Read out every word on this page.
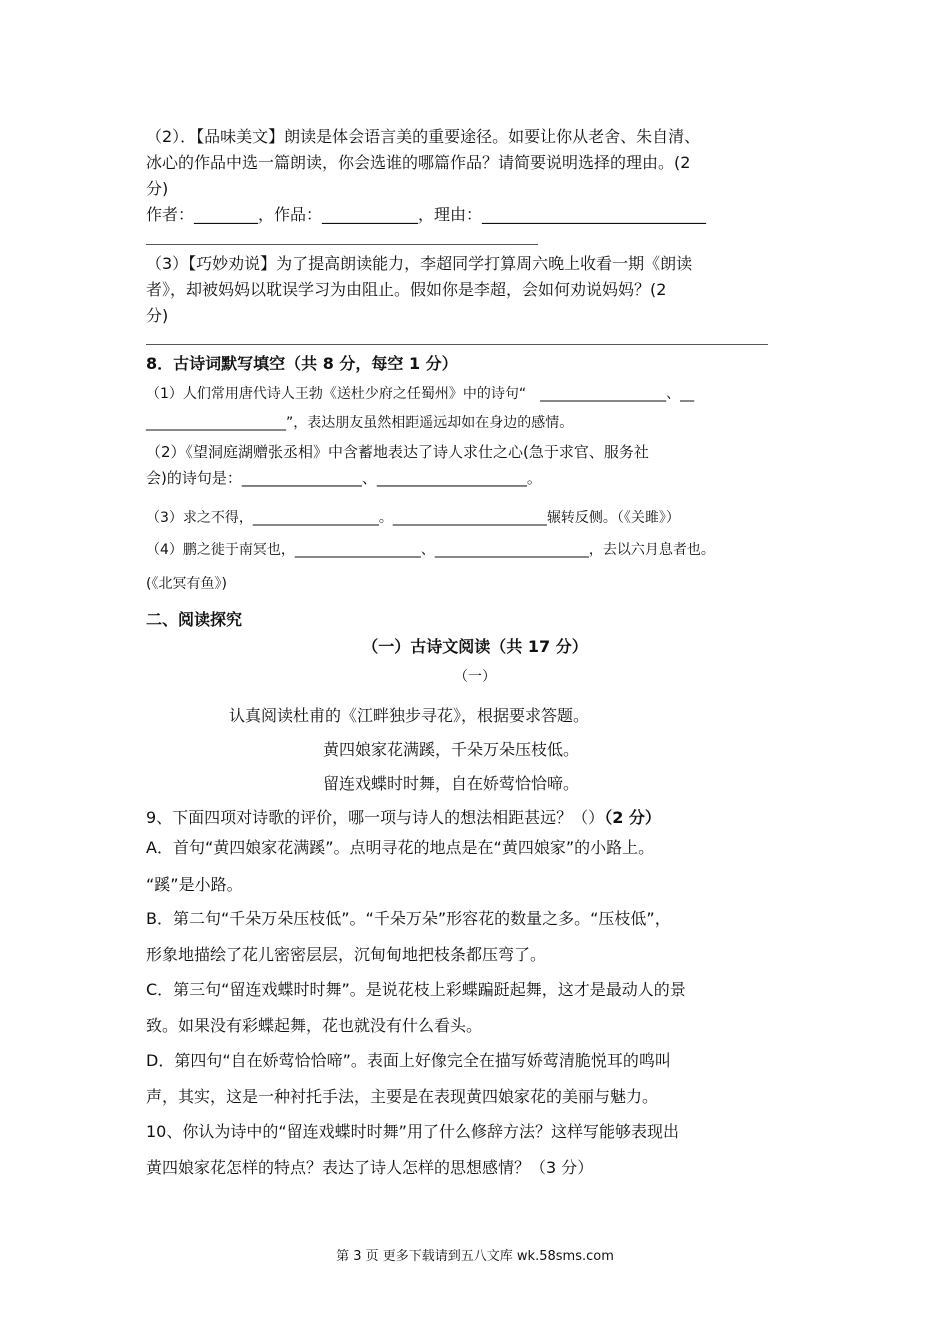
（2）．【品味美文】朗读是体会语言美的重要途径。如要让你从老舍、朱自清、
冰心的作品中选一篇朗读，你会选谁的哪篇作品？请简要说明选择的理由。(2
分)
作者：________，作品：____________，理由：____________________________
（3）【巧妙劝说】为了提高朗读能力，李超同学打算周六晚上收看一期《朗读
者》，却被妈妈以耽误学习为由阻止。假如你是李超，会如何劝说妈妈？(2
分)
8．古诗词默写填空（共 8 分，每空 1 分）
（1）人们常用唐代诗人王勃《送杜少府之任蜀州》中的诗句“　__________________、__
____________________”，表达朋友虽然相距遥远却如在身边的感情。
（2）《望洞庭湖赠张丞相》中含蓄地表达了诗人求仕之心(急于求官、服务社
会)的诗句是：________________、____________________。
（3）求之不得，__________________。______________________辗转反侧。（《关雎》）
（4）鹏之徙于南冥也，__________________、______________________，去以六月息者也。
(《北冥有鱼》)
二、阅读探究
（一）古诗文阅读（共 17 分）
（一）
认真阅读杜甫的《江畔独步寻花》，根据要求答题。
黄四娘家花满蹊，千朵万朵压枝低。
留连戏蝶时时舞，自在娇莺恰恰啼。
9、下面四项对诗歌的评价，哪一项与诗人的想法相距甚远？（）（2 分）
A．首句“黄四娘家花满蹊”。点明寻花的地点是在“黄四娘家”的小路上。
“蹊”是小路。
B．第二句“千朵万朵压枝低”。“千朵万朵”形容花的数量之多。“压枝低”，
形象地描绘了花儿密密层层，沉甸甸地把枝条都压弯了。
C．第三句“留连戏蝶时时舞”。是说花枝上彩蝶蹁跹起舞，这才是最动人的景
致。如果没有彩蝶起舞，花也就没有什么看头。
D．第四句“自在娇莺恰恰啼”。表面上好像完全在描写娇莺清脆悦耳的鸣叫
声，其实，这是一种衬托手法，主要是在表现黄四娘家花的美丽与魅力。
10、你认为诗中的“留连戏蝶时时舞”用了什么修辞方法？这样写能够表现出
黄四娘家花怎样的特点？表达了诗人怎样的思想感情？（3 分）
第 3 页 更多下载请到五八文库 wk.58sms.com
